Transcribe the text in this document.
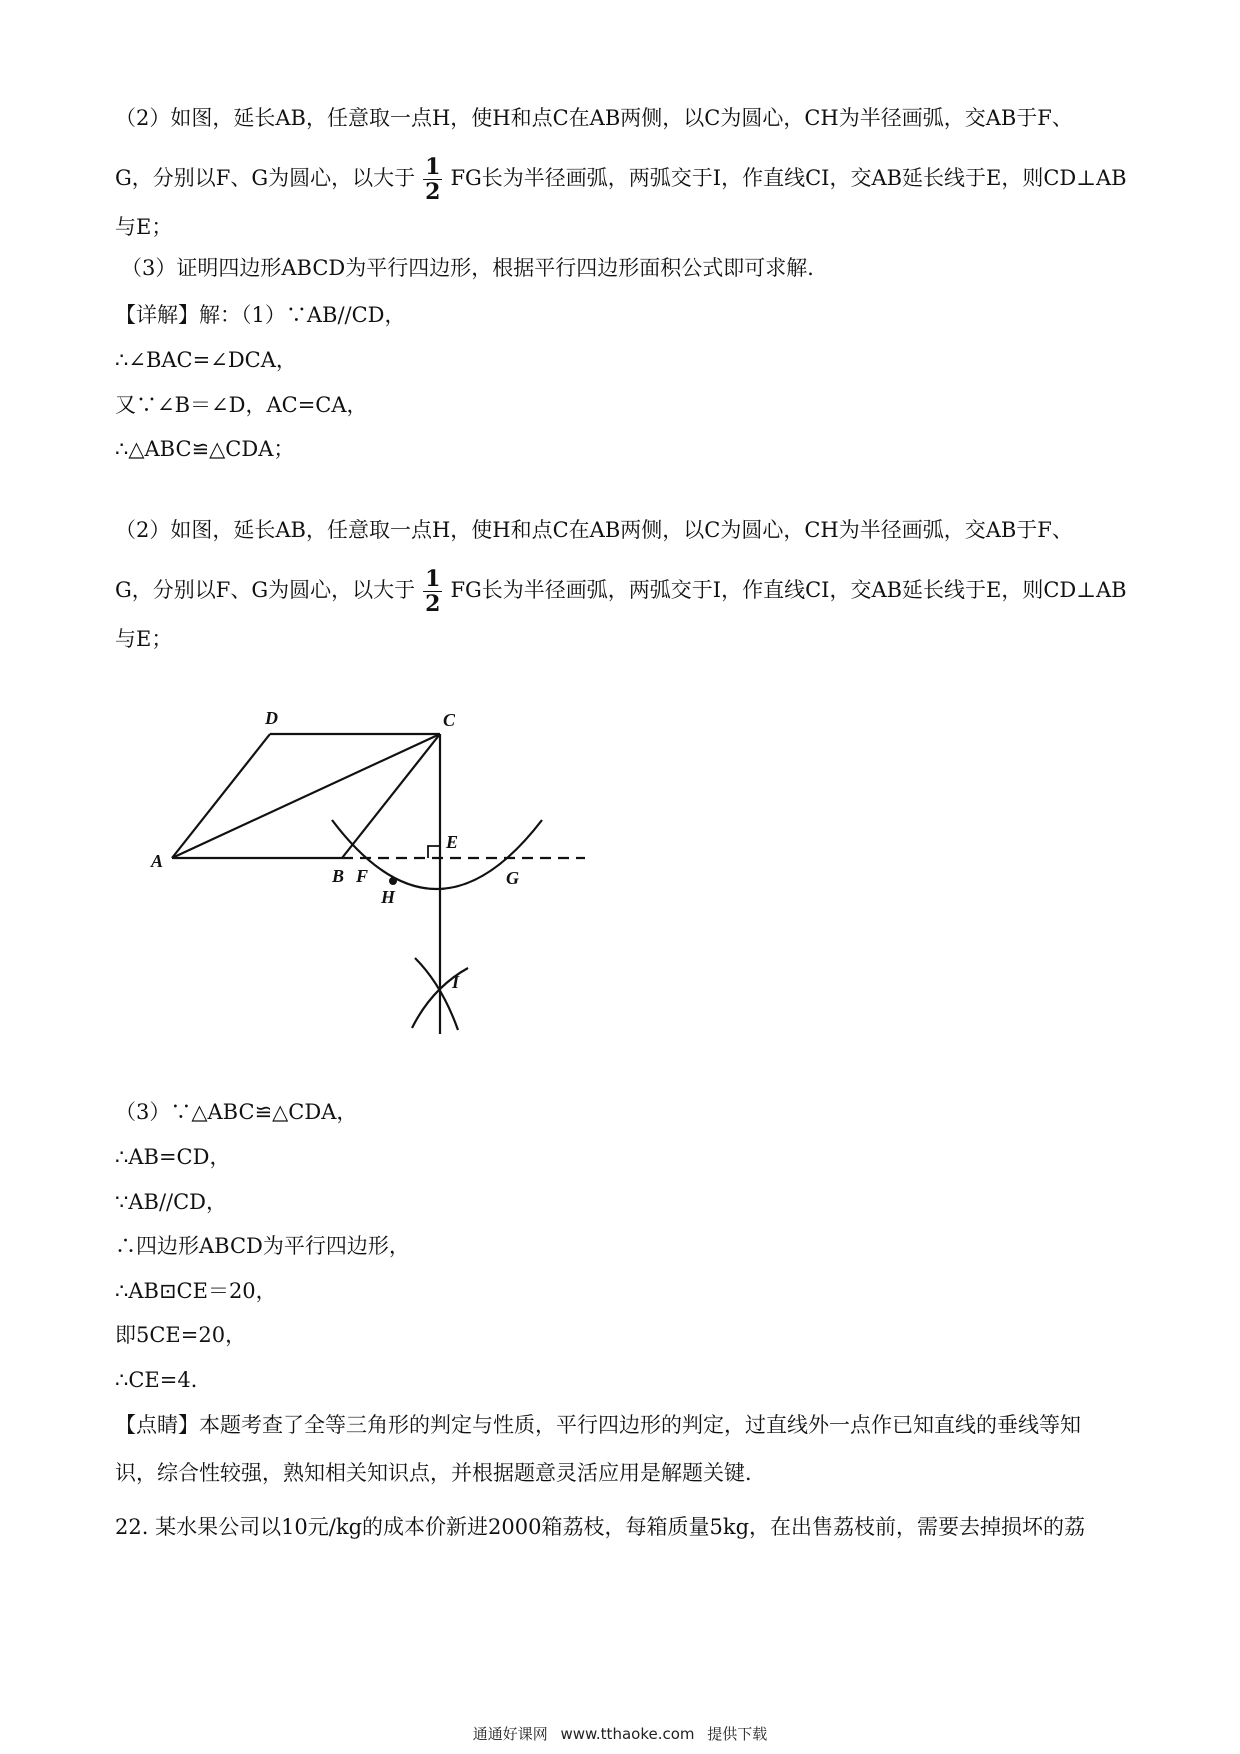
（2）如图，延长AB，任意取一点H，使H和点C在AB两侧，以C为圆心，CH为半径画弧，交AB于F、
G，分别以F、G为圆心，以大于 $\frac{1}{2}$ FG长为半径画弧，两弧交于I，作直线CI，交AB延长线于E，则CD⊥AB
与E；
（3）证明四边形ABCD为平行四边形，根据平行四边形面积公式即可求解．
【详解】解：（1）∵AB//CD，
∴∠BAC=∠DCA，
又∵∠B＝∠D，AC=CA，
∴△ABC≌△CDA；
（2）如图，延长AB，任意取一点H，使H和点C在AB两侧，以C为圆心，CH为半径画弧，交AB于F、
G，分别以F、G为圆心，以大于 $\frac{1}{2}$ FG长为半径画弧，两弧交于I，作直线CI，交AB延长线于E，则CD⊥AB
与E；
D	C
A
E
B F
H
G
I
（3）∵△ABC≌△CDA，
∴AB=CD，
∵AB//CD，
∴四边形ABCD为平行四边形，
∴AB⊡CE＝20，
即5CE=20，
∴CE=4．
【点睛】本题考查了全等三角形的判定与性质，平行四边形的判定，过直线外一点作已知直线的垂线等知
识，综合性较强，熟知相关知识点，并根据题意灵活应用是解题关键．
22. 某水果公司以10元/kg的成本价新进2000箱荔枝，每箱质量5kg，在出售荔枝前，需要去掉损坏的荔
通通好课网 www.tthaoke.com 提供下载
